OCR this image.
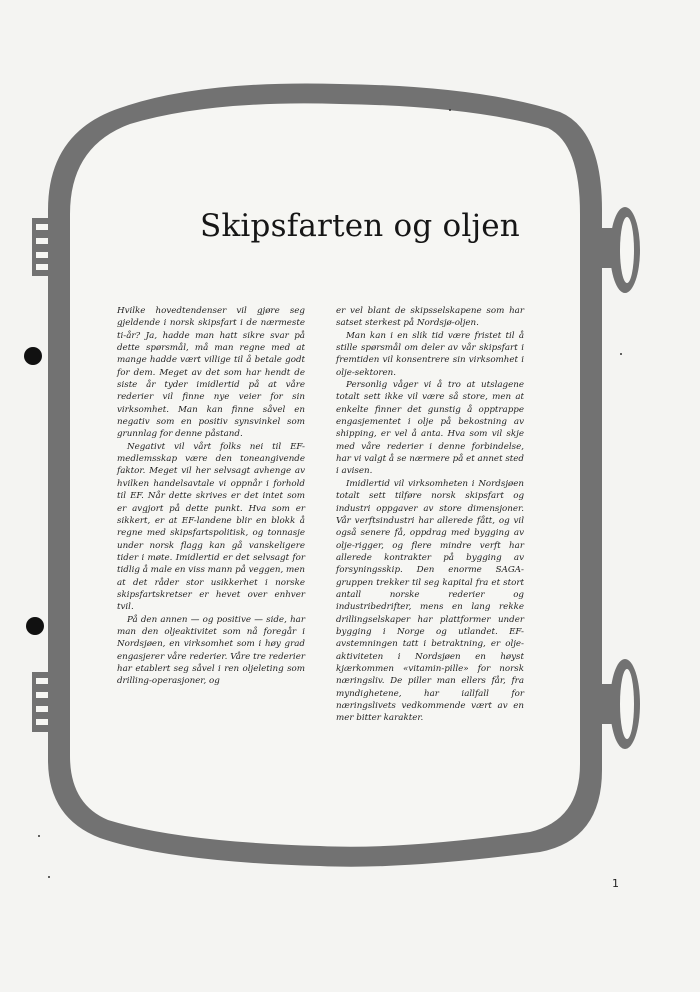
Skipsfarten og oljen

Hvilke hovedtendenser vil gjøre seg gjeldende i norsk skipsfart i de nærmeste ti-år? Ja, hadde man hatt sikre svar på dette spørsmål, må man regne med at mange hadde vært villige til å betale godt for dem. Meget av det som har hendt de siste år tyder imidlertid på at våre rederier vil finne nye veier for sin virksomhet. Man kan finne såvel en negativ som en positiv synsvinkel som grunnlag for denne påstand.

Negativt vil vårt folks nei til EF-medlemsskap være den toneangivende faktor. Meget vil her selvsagt avhenge av hvilken handelsavtale vi oppnår i forhold til EF. Når dette skrives er det intet som er avgjort på dette punkt. Hva som er sikkert, er at EF-landene blir en blokk å regne med skipsfartspolitisk, og tonnasje under norsk flagg kan gå vanskeligere tider i møte. Imidlertid er det selvsagt for tidlig å male en viss mann på veggen, men at det råder stor usikkerhet i norske skipsfartskretser er hevet over enhver tvil.

På den annen — og positive — side, har man den oljeaktivitet som nå foregår i Nordsjøen, en virksomhet som i høy grad engasjerer våre rederier. Våre tre rederier har etablert seg såvel i ren oljeleting som drilling-operasjoner, og

er vel blant de skipsselskapene som har satset sterkest på Nordsjø-oljen.

Man kan i en slik tid være fristet til å stille spørsmål om deler av vår skipsfart i fremtiden vil konsentrere sin virksomhet i olje-sektoren.

Personlig våger vi å tro at utslagene totalt sett ikke vil være så store, men at enkelte finner det gunstig å opptrappe engasjementet i olje på bekostning av shipping, er vel å anta. Hva som vil skje med våre rederier i denne forbindelse, har vi valgt å se nærmere på et annet sted i avisen.

Imidlertid vil virksomheten i Nordsjøen totalt sett tilføre norsk skipsfart og industri oppgaver av store dimensjoner. Vår verftsindustri har allerede fått, og vil også senere få, oppdrag med bygging av olje-rigger, og flere mindre verft har allerede kontrakter på bygging av forsyningsskip. Den enorme SAGA-gruppen trekker til seg kapital fra et stort antall norske rederier og industribedrifter, mens en lang rekke drillingselskaper har plattformer under bygging i Norge og utlandet. EF-avstemningen tatt i betraktning, er olje-aktiviteten i Nordsjøen en høyst kjærkommen «vitamin-pille» for norsk næringsliv. De piller man ellers får, fra myndighetene, har iallfall for næringslivets vedkommende vært av en mer bitter karakter.

1
